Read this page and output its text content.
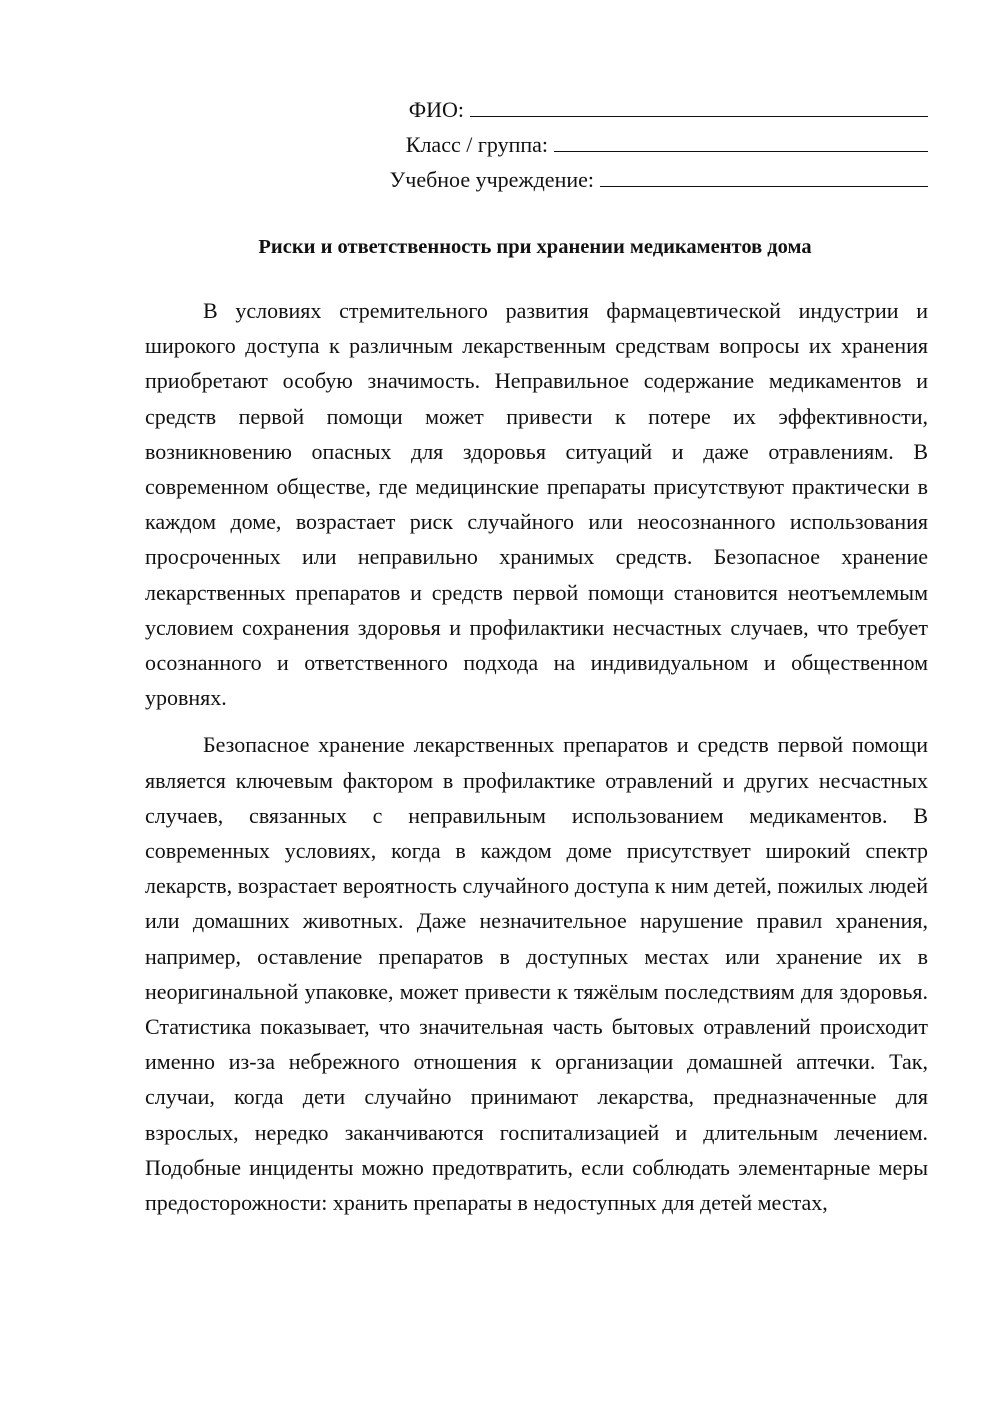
ФИО:
Класс / группа:
Учебное учреждение:
Риски и ответственность при хранении медикаментов дома

В условиях стремительного развития фармацевтической индустрии и широкого доступа к различным лекарственным средствам вопросы их хранения приобретают особую значимость. Неправильное содержание медикаментов и средств первой помощи может привести к потере их эффективности, возникновению опасных для здоровья ситуаций и даже отравлениям. В современном обществе, где медицинские препараты присутствуют практически в каждом доме, возрастает риск случайного или неосознанного использования просроченных или неправильно хранимых средств. Безопасное хранение лекарственных препаратов и средств первой помощи становится неотъемлемым условием сохранения здоровья и профилактики несчастных случаев, что требует осознанного и ответственного подхода на индивидуальном и общественном уровнях.

Безопасное хранение лекарственных препаратов и средств первой помощи является ключевым фактором в профилактике отравлений и других несчастных случаев, связанных с неправильным использованием медикаментов. В современных условиях, когда в каждом доме присутствует широкий спектр лекарств, возрастает вероятность случайного доступа к ним детей, пожилых людей или домашних животных. Даже незначительное нарушение правил хранения, например, оставление препаратов в доступных местах или хранение их в неоригинальной упаковке, может привести к тяжёлым последствиям для здоровья. Статистика показывает, что значительная часть бытовых отравлений происходит именно из-за небрежного отношения к организации домашней аптечки. Так, случаи, когда дети случайно принимают лекарства, предназначенные для взрослых, нередко заканчиваются госпитализацией и длительным лечением. Подобные инциденты можно предотвратить, если соблюдать элементарные меры предосторожности: хранить препараты в недоступных для детей местах,
